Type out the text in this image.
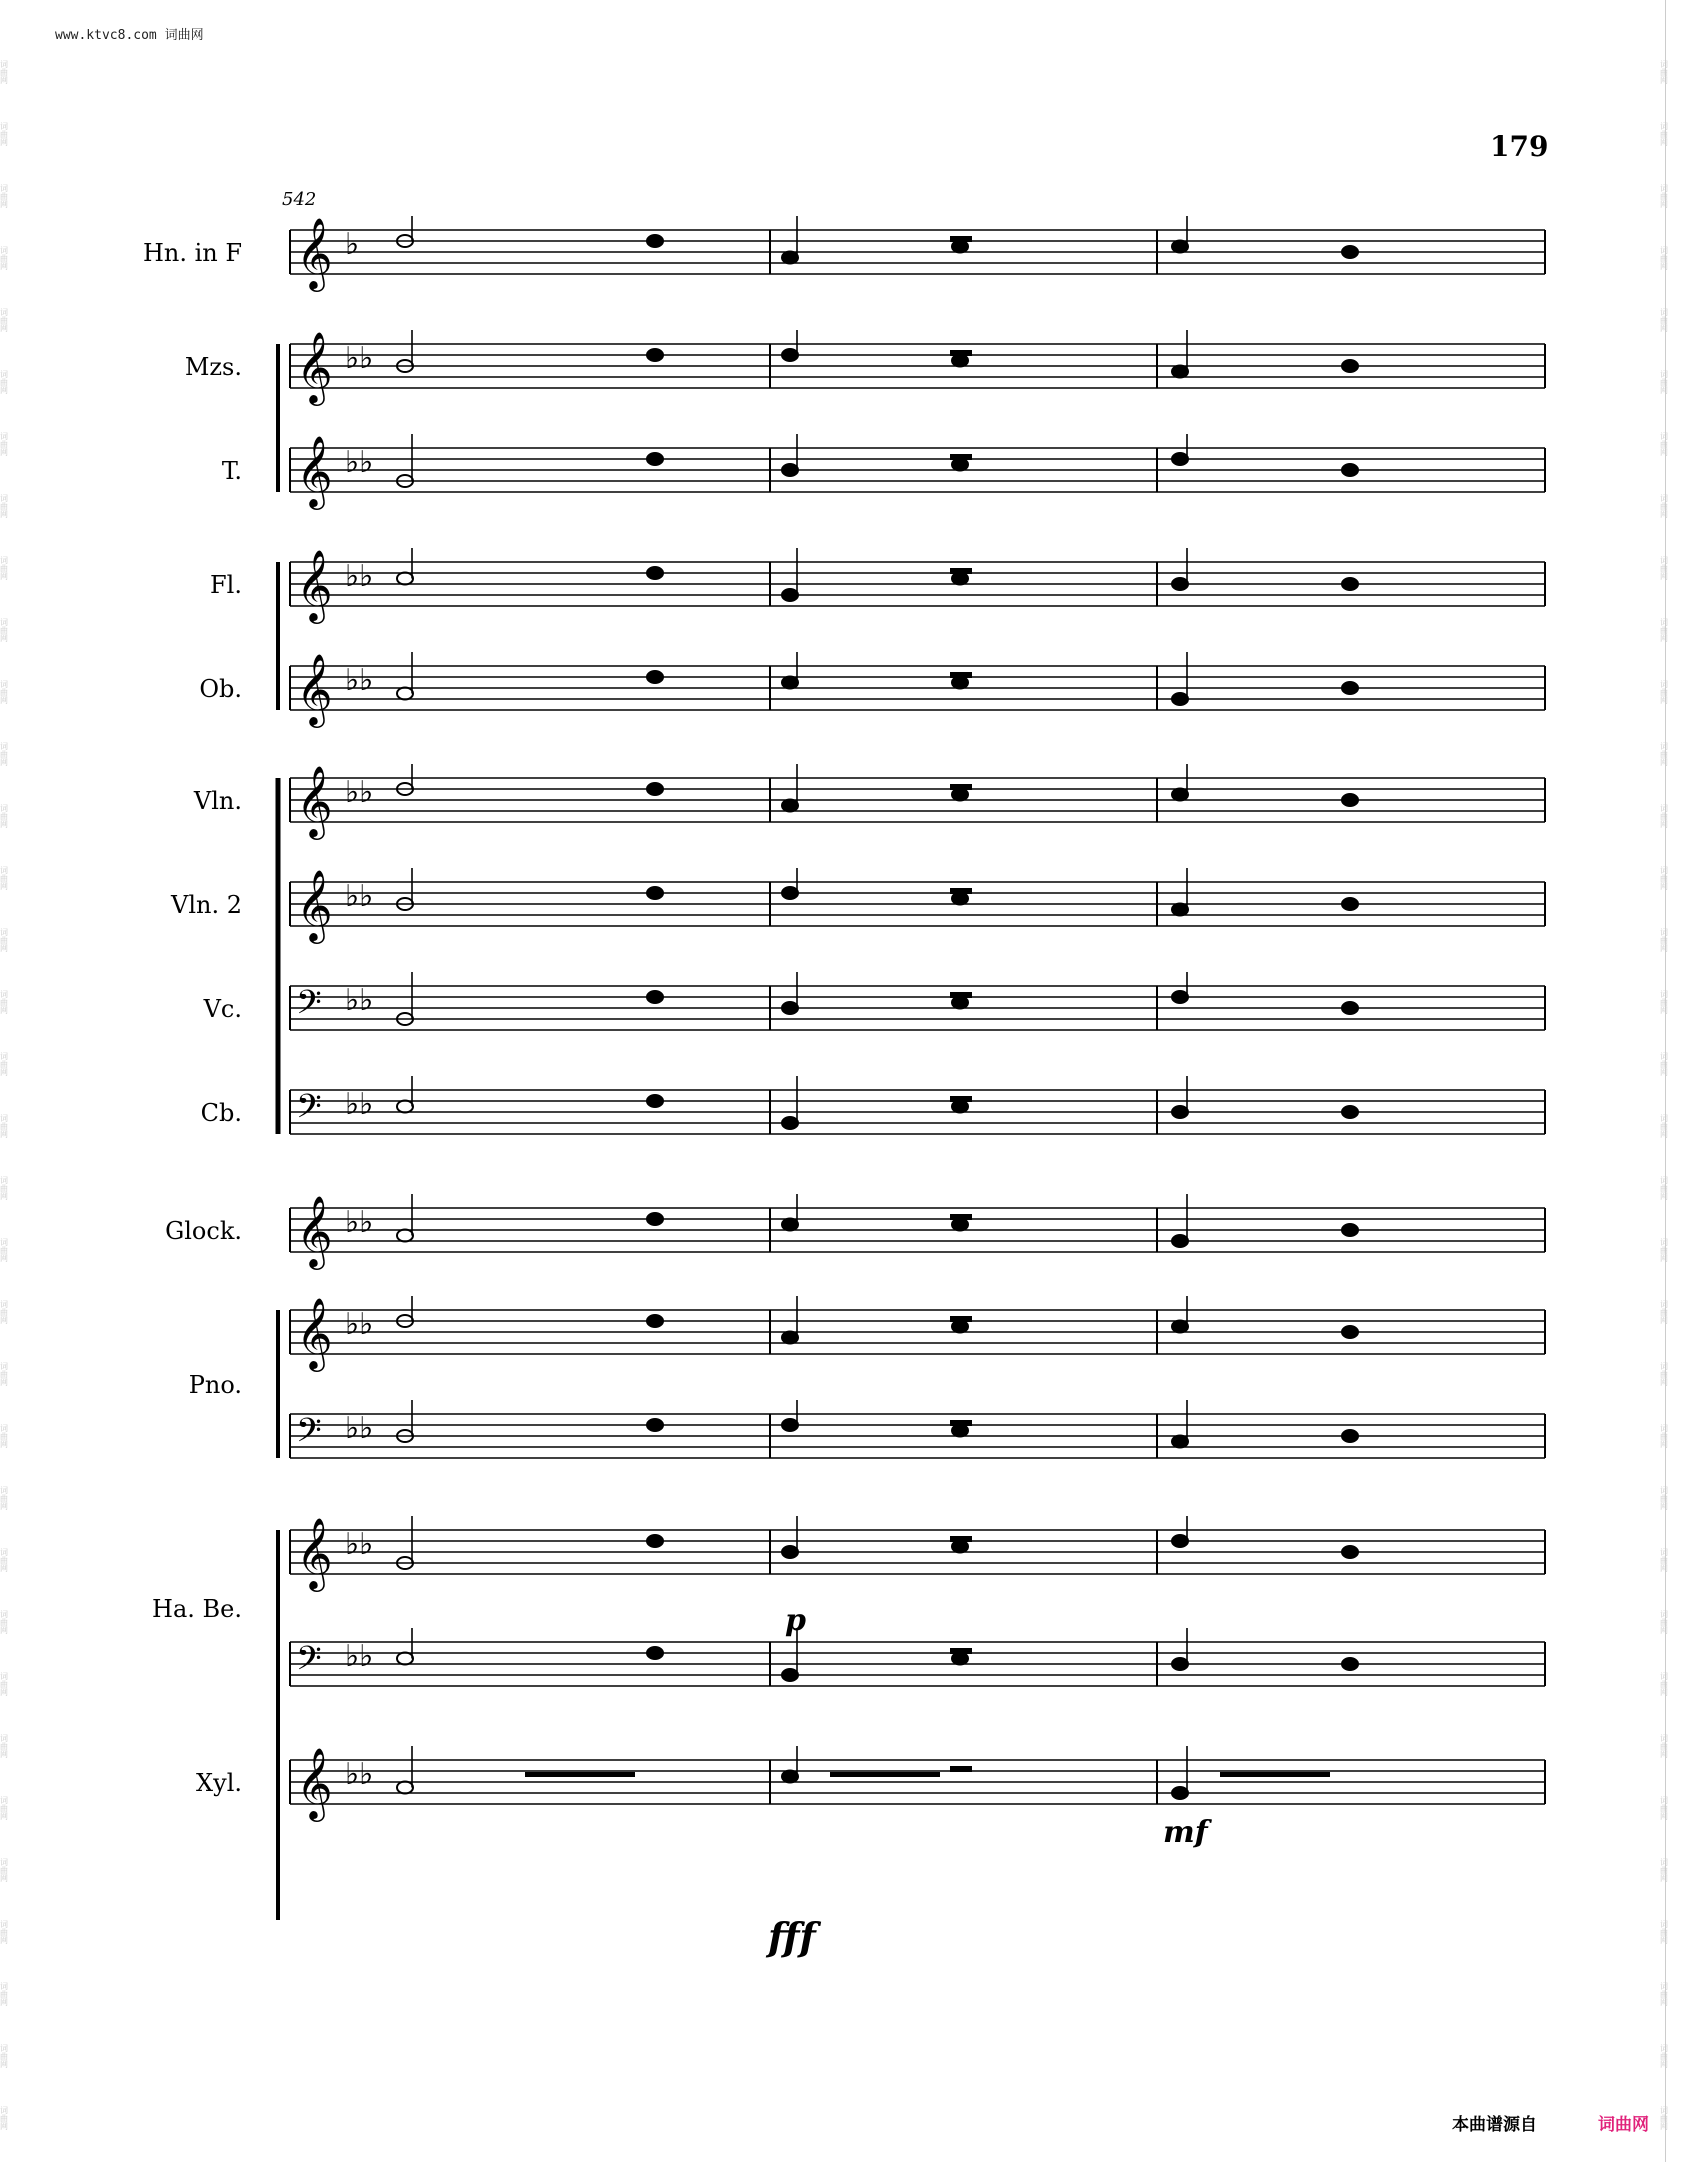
www.ktvc8.com 词曲网
179
542
𝄞 ♭
𝄞 ♭♭
𝄞 ♭♭
𝄞 ♭♭
𝄞 ♭♭
𝄞 ♭♭
𝄞 ♭♭
𝄢 ♭♭
𝄢 ♭♭
𝄞 ♭♭
𝄞 ♭♭
𝄢 ♭♭
𝄞 ♭♭
𝄢 ♭♭
𝄞 ♭♭
Hn. in F
Mzs.
T.
Fl.
Ob.
Vln.
Vln. 2
Vc.
Cb.
Glock.
Pno.
Ha. Be.
Xyl.
p
mf
fff
词曲网
词曲网
词曲网
词曲网
词曲网
词曲网
词曲网
词曲网
词曲网
词曲网
词曲网
词曲网
词曲网
词曲网
词曲网
词曲网
词曲网
词曲网
词曲网
词曲网
词曲网
词曲网
词曲网
词曲网
词曲网
词曲网
词曲网
词曲网
词曲网
词曲网
词曲网
词曲网
词曲网
词曲网
词曲网
词曲网
词曲网
词曲网
词曲网
词曲网
词曲网
词曲网
词曲网
词曲网
词曲网
词曲网
词曲网
词曲网
词曲网
词曲网
词曲网
词曲网
词曲网
词曲网
词曲网
词曲网
词曲网
词曲网
词曲网
词曲网
词曲网
词曲网
词曲网
词曲网
词曲网
词曲网
词曲网
词曲网
本曲谱源自	词曲网
